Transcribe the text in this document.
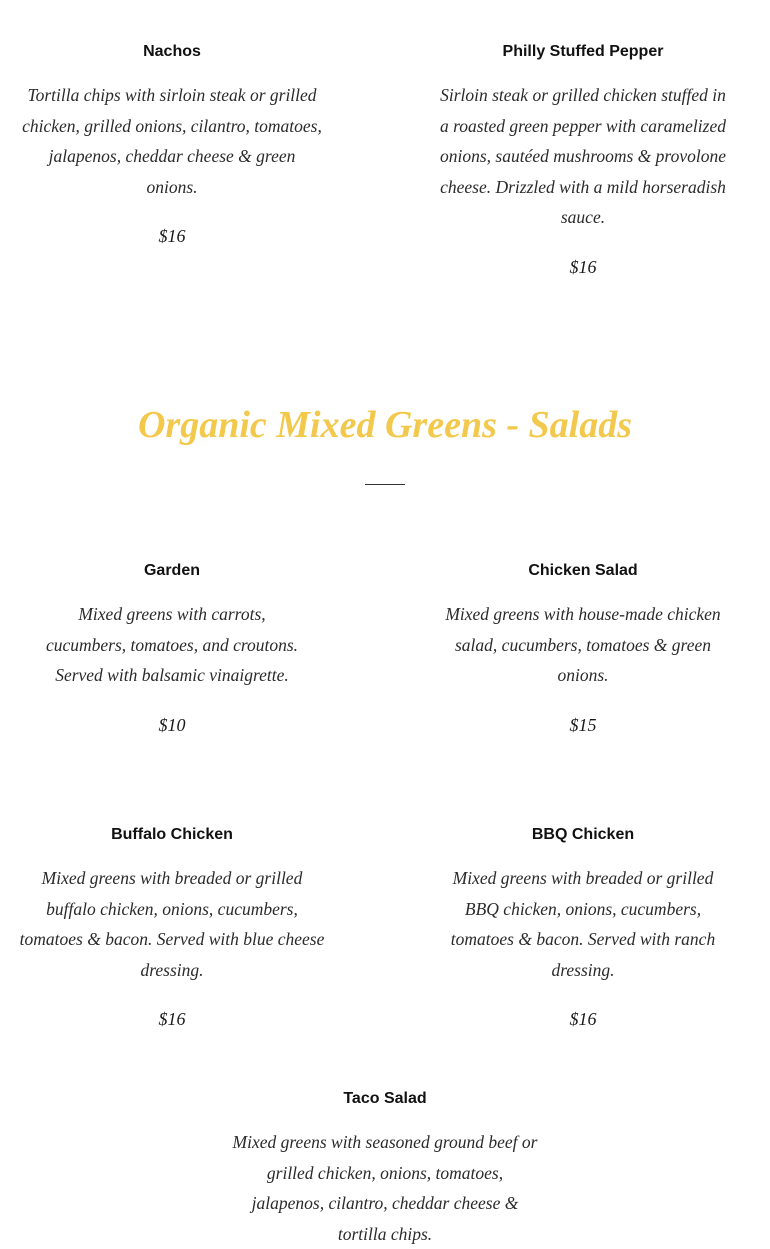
Nachos

Tortilla chips with sirloin steak or grilled chicken, grilled onions, cilantro, tomatoes, jalapenos, cheddar cheese & green onions.

$16

Philly Stuffed Pepper

Sirloin steak or grilled chicken stuffed in a roasted green pepper with caramelized onions, sautéed mushrooms & provolone cheese. Drizzled with a mild horseradish sauce.

$16

Organic Mixed Greens - Salads
Garden

Mixed greens with carrots, cucumbers, tomatoes, and croutons. Served with balsamic vinaigrette.

$10

Chicken Salad

Mixed greens with house-made chicken salad, cucumbers, tomatoes & green onions.

$15

Buffalo Chicken

Mixed greens with breaded or grilled buffalo chicken, onions, cucumbers, tomatoes & bacon. Served with blue cheese dressing.

$16

BBQ Chicken

Mixed greens with breaded or grilled BBQ chicken, onions, cucumbers, tomatoes & bacon. Served with ranch dressing.

$16

Taco Salad

Mixed greens with seasoned ground beef or grilled chicken, onions, tomatoes, jalapenos, cilantro, cheddar cheese & tortilla chips.
